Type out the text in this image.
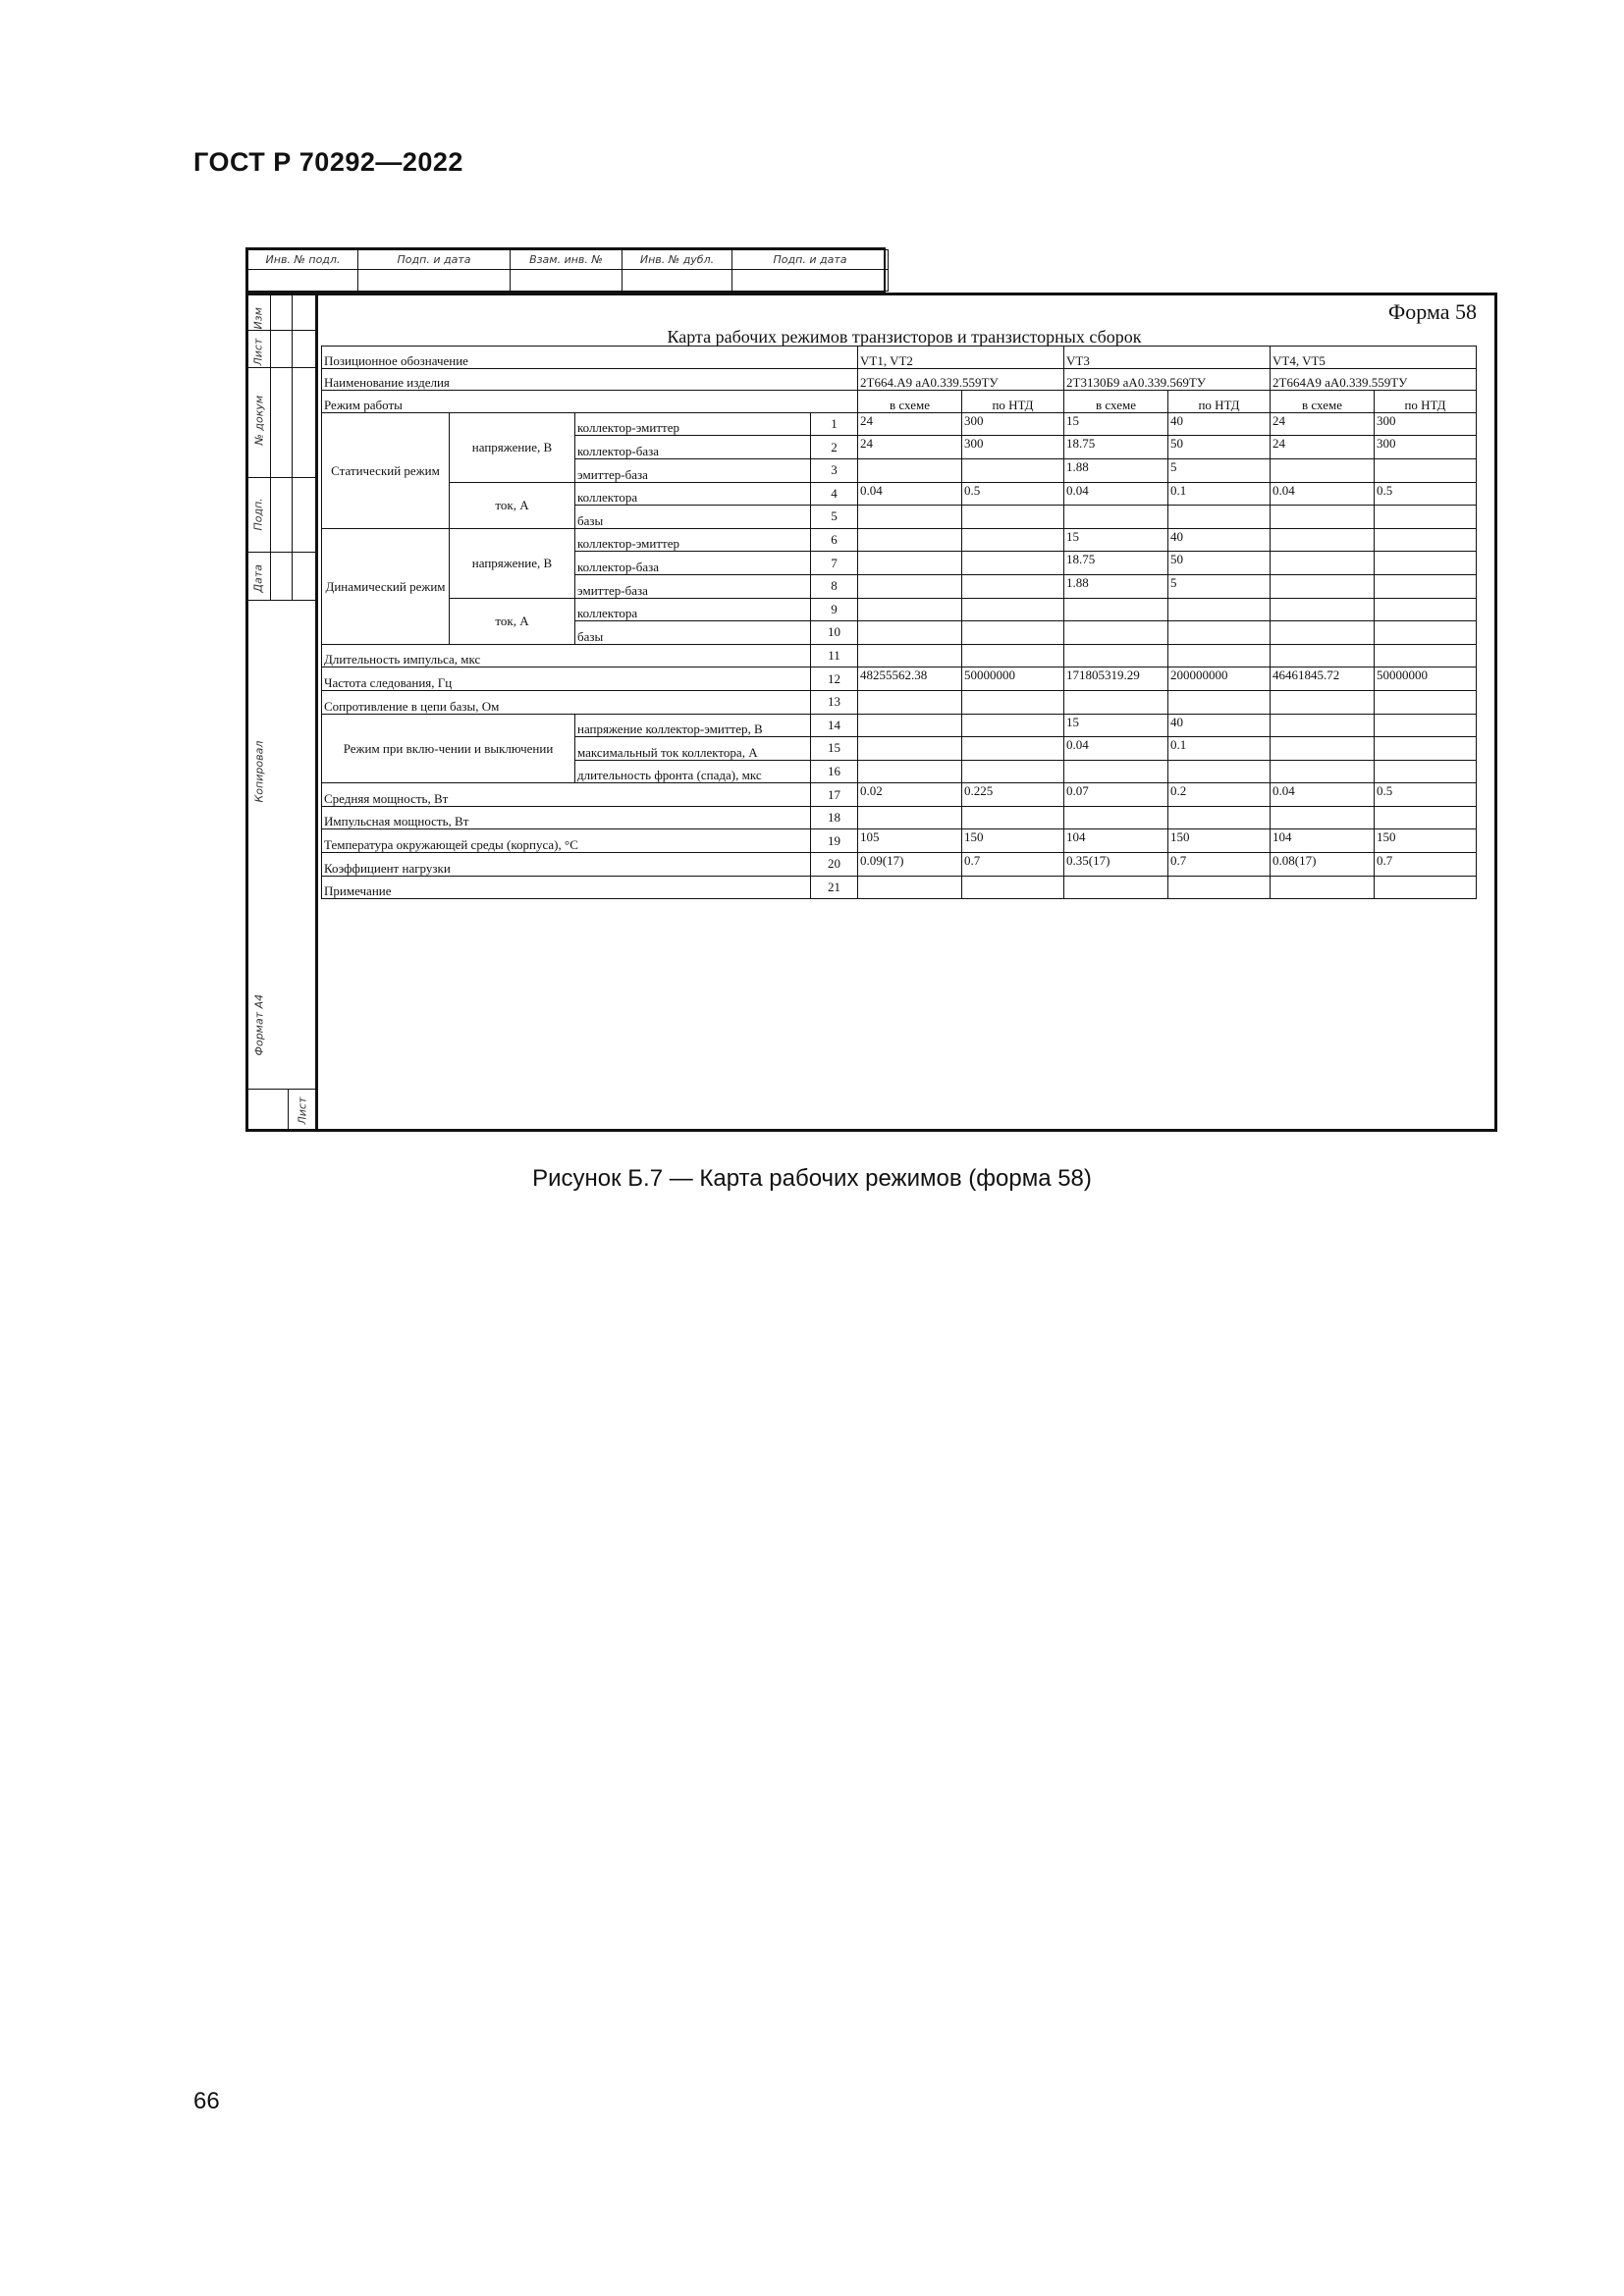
ГОСТ Р 70292—2022
Инв. № подл.	Подп. и дата	Взам. инв. №	Инв. № дубл.	Подп. и дата

Изм
Лист
№ докум
Подп.
Дата
Копировал
Формат А4
Лист
Форма 58
Карта рабочих режимов транзисторов и транзисторных сборок
Позиционное обозначение				VT1, VT2		VT3		VT4, VT5	
Наименование изделия				2Т664.А9 аА0.339.559ТУ		2Т3130Б9 аА0.339.569ТУ		2Т664А9 аА0.339.559ТУ	
Режим работы				в схеме	по НТД	в схеме	по НТД	в схеме	по НТД
Статический режим	напряжение, В	коллектор-эмиттер	1	24	300	15	40	24	300
		коллектор-база	2	24	300	18.75	50	24	300
		эмиттер-база	3			1.88	5		
	ток, А	коллектора	4	0.04	0.5	0.04	0.1	0.04	0.5
		базы	5						
Динамический режим	напряжение, В	коллектор-эмиттер	6			15	40		
		коллектор-база	7			18.75	50		
		эмиттер-база	8			1.88	5		
	ток, А	коллектора	9						
		базы	10						
Длительность импульса, мкс			11						
Частота следования, Гц			12	48255562.38	50000000	171805319.29	200000000	46461845.72	50000000
Сопротивление в цепи базы, Ом			13						
Режим при вклю-чении и выключении		напряжение коллектор-эмиттер, В	14			15	40		
		максимальный ток коллектора, А	15			0.04	0.1		
		длительность фронта (спада), мкс	16						
Средняя мощность, Вт			17	0.02	0.225	0.07	0.2	0.04	0.5
Импульсная мощность, Вт			18						
Температура окружающей среды (корпуса), °С			19	105	150	104	150	104	150
Коэффициент нагрузки			20	0.09(17)	0.7	0.35(17)	0.7	0.08(17)	0.7
Примечание			21						
Рисунок Б.7 — Карта рабочих режимов (форма 58)
66
